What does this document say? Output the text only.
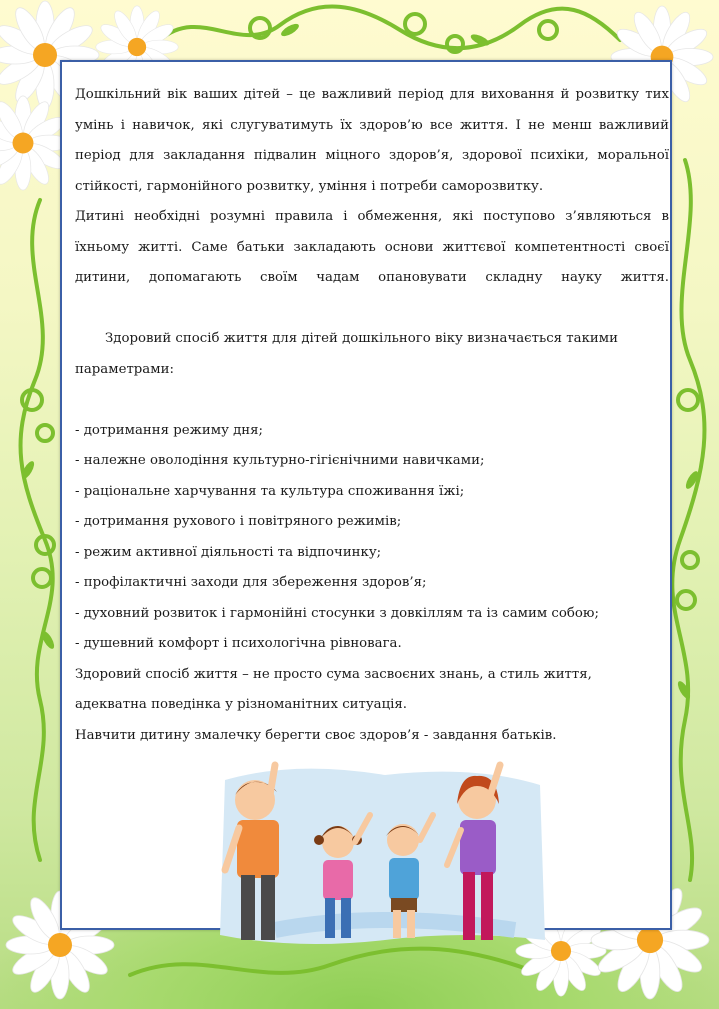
Дошкільний вік ваших дітей – це важливий період для виховання й розвитку тих умінь і навичок, які слугуватимуть їх здоров’ю все життя. І не менш важливий період для закладання підвалин міцного здоров’я, здорової психіки, моральної стійкості, гармонійного розвитку, уміння і потреби саморозвитку.

Дитині необхідні розумні правила і обмеження, які поступово з’являються в їхньому житті. Саме батьки закладають основи життєвої компетентності своєї дитини, допомагають своїм чадам опановувати складну науку життя.

Здоровий спосіб життя для дітей дошкільного віку визначається такими параметрами:

- дотримання режиму дня;
- належне оволодіння культурно-гігієнічними навичками;
- раціональне харчування та культура споживання їжі;
- дотримання рухового і повітряного режимів;
- режим активної діяльності та відпочинку;
- профілактичні заходи для збереження здоров’я;
- духовний розвиток і гармонійні стосунки з довкіллям та із самим собою;
- душевний комфорт і психологічна рівновага.

Здоровий спосіб життя – не просто сума засвоєних знань, а стиль життя, адекватна поведінка у різноманітних ситуація.

Навчити дитину змалечку берегти своє здоров’я - завдання батьків.
